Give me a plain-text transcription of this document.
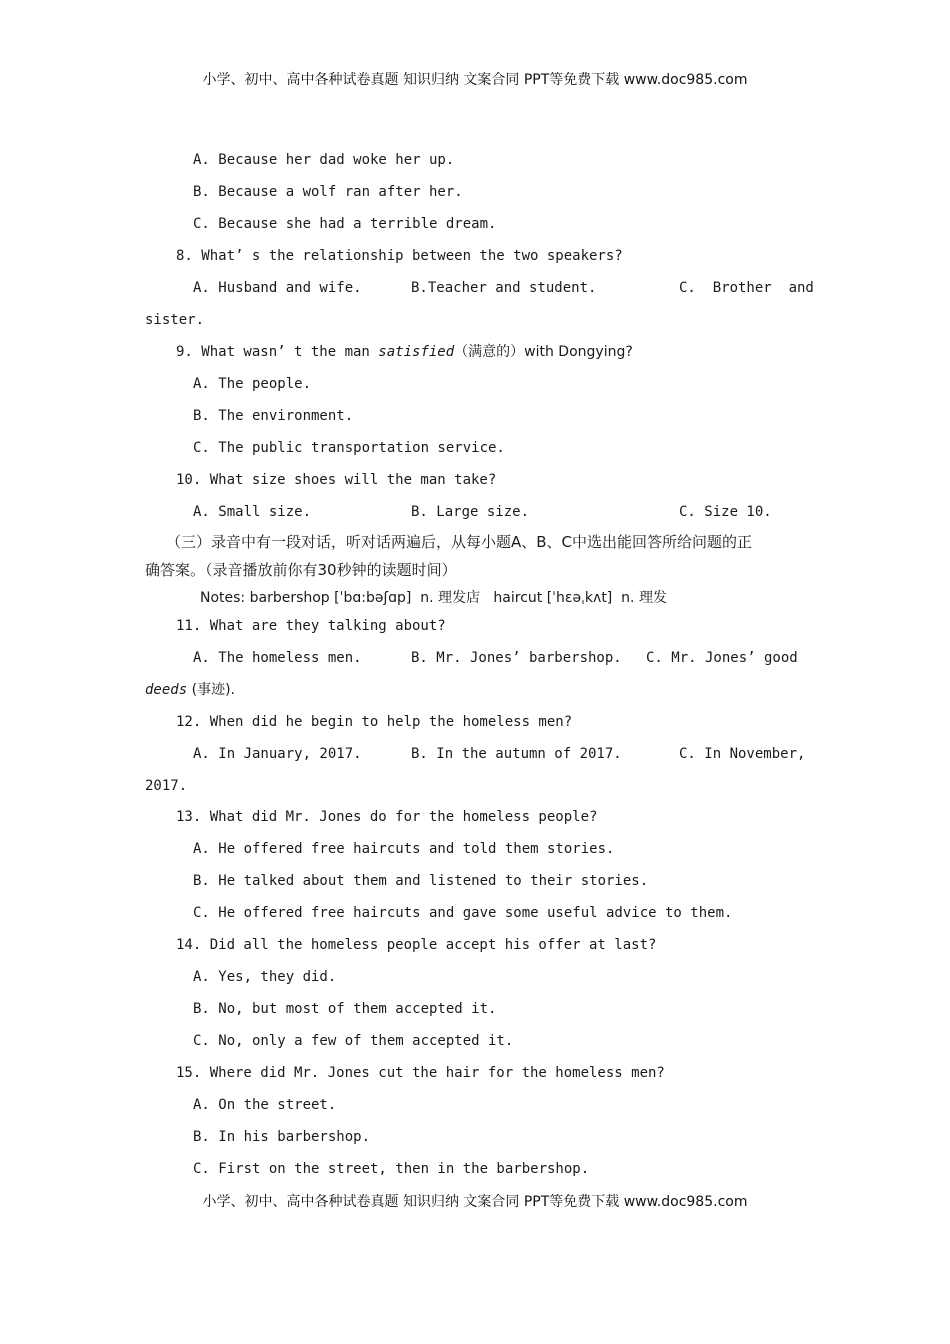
小学、初中、高中各种试卷真题 知识归纳 文案合同 PPT等免费下载 www.doc985.com
A. Because her dad woke her up.
B. Because a wolf ran after her.
C. Because she had a terrible dream.
8. What’ s the relationship between the two speakers?
A. Husband and wife.	B.Teacher and student.	C.  Brother  and
sister.
9. What wasn’ t the man satisfied（满意的）with Dongying?
A. The people.
B. The environment.
C. The public transportation service.
10. What size shoes will the man take?
A. Small size.	B. Large size.	C. Size 10.
（三）录音中有一段对话，听对话两遍后，从每小题A、B、C中选出能回答所给问题的正
确答案。（录音播放前你有30秒钟的读题时间）
Notes: barbershop [ˈbɑ:bəʃɑp]  n. 理发店   haircut [ˈhɛəˌkʌt]  n. 理发
11. What are they talking about?
A. The homeless men.	B. Mr. Jones’ barbershop. C. Mr. Jones’ good
deeds (事迹).
12. When did he begin to help the homeless men?
A. In January, 2017.	B. In the autumn of 2017.	C. In November,
2017.
13. What did Mr. Jones do for the homeless people?
A. He offered free haircuts and told them stories.
B. He talked about them and listened to their stories.
C. He offered free haircuts and gave some useful advice to them.
14. Did all the homeless people accept his offer at last?
A. Yes, they did.
B. No, but most of them accepted it.
C. No, only a few of them accepted it.
15. Where did Mr. Jones cut the hair for the homeless men?
A. On the street.
B. In his barbershop.
C. First on the street, then in the barbershop.
小学、初中、高中各种试卷真题 知识归纳 文案合同 PPT等免费下载 www.doc985.com
